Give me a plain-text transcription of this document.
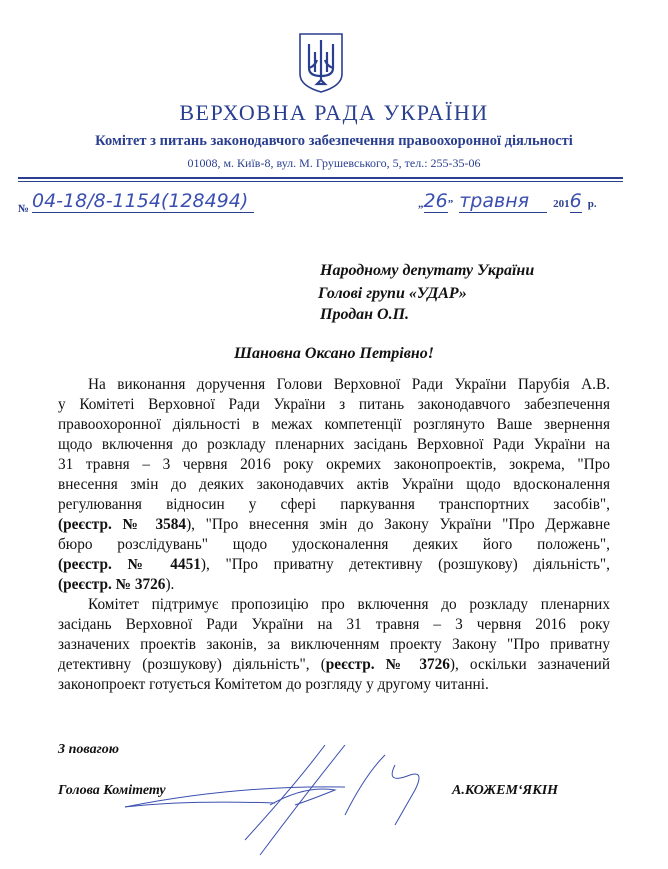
ВЕРХОВНА РАДА УКРАЇНИ
Комітет з питань законодавчого забезпечення правоохоронної діяльності
01008, м. Київ-8, вул. М. Грушевського, 5, тел.: 255-35-06
№ 04-18/8-1154(128494)	„26” травня 2016 р.
Народному депутату України
Голові групи «УДАР»
Продан О.П.
Шановна Оксано Петрівно!
На виконання доручення Голови Верховної Ради України Парубія А.В.
у Комітеті Верховної Ради України з питань законодавчого забезпечення
правоохоронної діяльності в межах компетенції розглянуто Ваше звернення
щодо включення до розкладу пленарних засідань Верховної Ради України на
31 травня – 3 червня 2016 року окремих законопроектів, зокрема, "Про
внесення змін до деяких законодавчих актів України щодо вдосконалення
регулювання відносин у сфері паркування транспортних засобів",
(реєстр. № 3584), "Про внесення змін до Закону України "Про Державне
бюро розслідувань" щодо удосконалення деяких його положень",
(реєстр. № 4451), "Про приватну детективну (розшукову) діяльність",
(реєстр. № 3726).
Комітет підтримує пропозицію про включення до розкладу пленарних
засідань Верховної Ради України на 31 травня – 3 червня 2016 року
зазначених проектів законів, за виключенням проекту Закону "Про приватну
детективну (розшукову) діяльність", (реєстр. № 3726), оскільки зазначений
законопроект готується Комітетом до розгляду у другому читанні.
З повагою
Голова Комітету	А.КОЖЕМ‘ЯКІН
